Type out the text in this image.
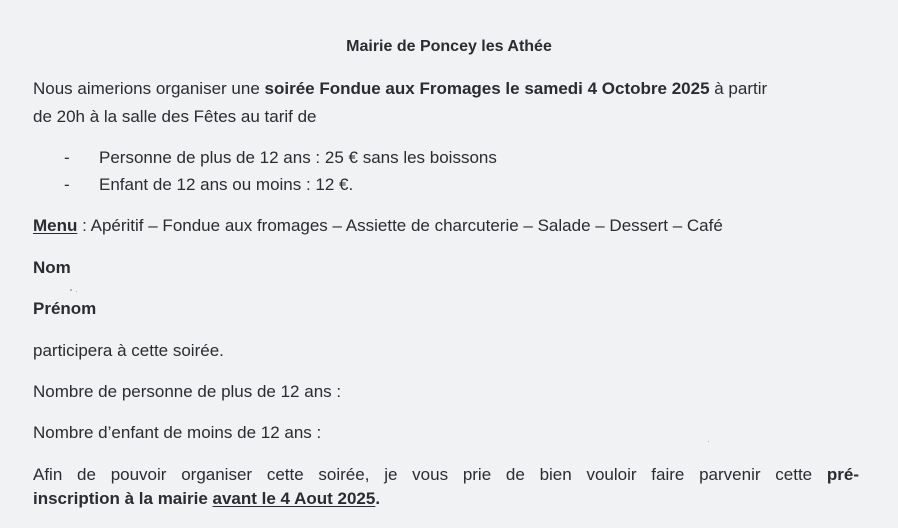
Mairie de Poncey les Athée
Nous aimerions organiser une soirée Fondue aux Fromages le samedi 4 Octobre 2025 à partir
de 20h à la salle des Fêtes au tarif de
- Personne de plus de 12 ans : 25 € sans les boissons
- Enfant de 12 ans ou moins : 12 €.
Menu : Apéritif – Fondue aux fromages – Assiette de charcuterie – Salade – Dessert – Café
Nom
Prénom
participera à cette soirée.
Nombre de personne de plus de 12 ans :
Nombre d’enfant de moins de 12 ans :
Afin de pouvoir organiser cette soirée, je vous prie de bien vouloir faire parvenir cette pré-
inscription à la mairie avant le 4 Aout 2025.
